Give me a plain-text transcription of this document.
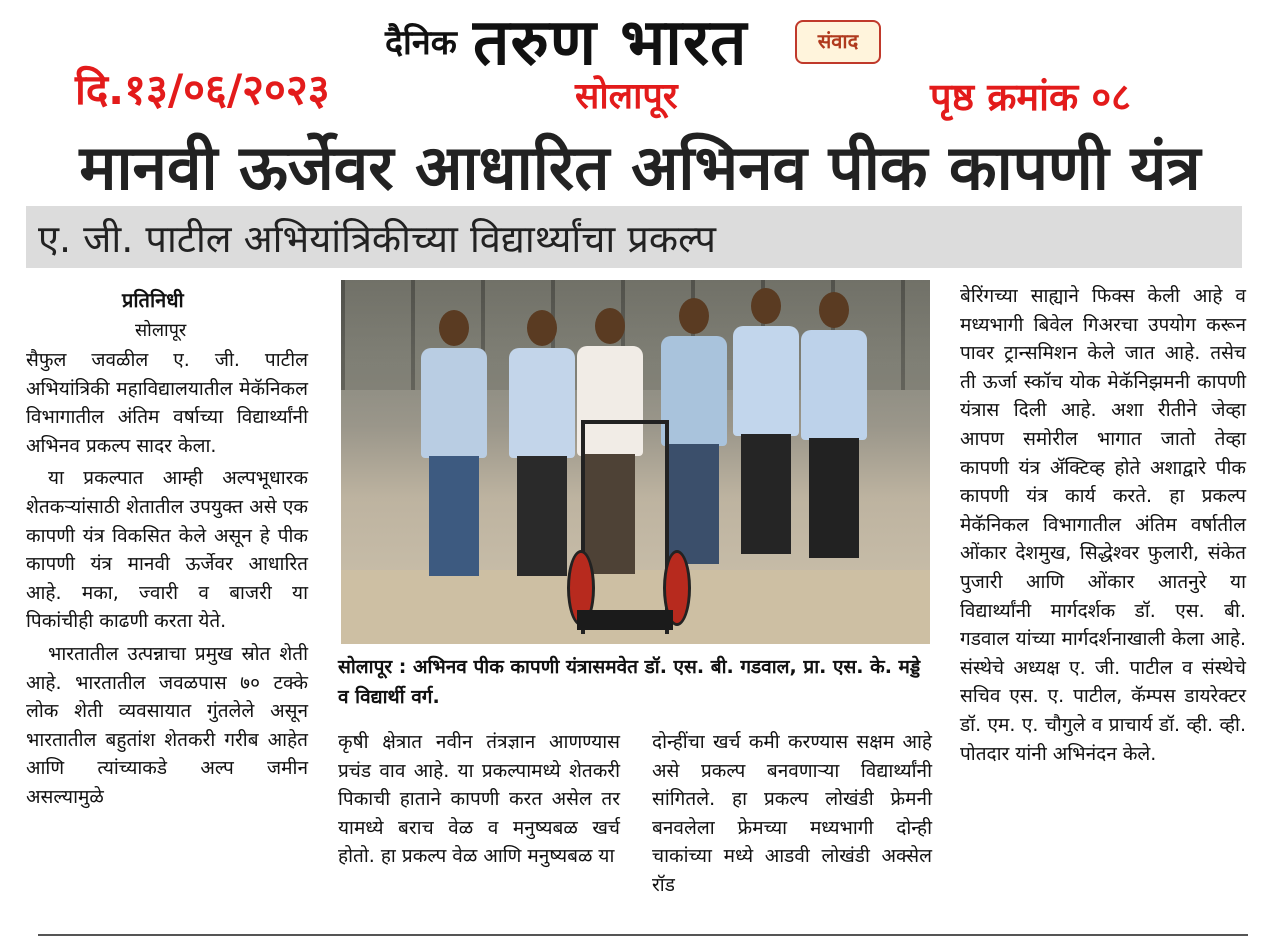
दैनिक तरुण भारत	संवाद
दि.१३/०६/२०२३	सोलापूर	पृष्ठ क्रमांक ०८
मानवी ऊर्जेवर आधारित अभिनव पीक कापणी यंत्र
ए. जी. पाटील अभियांत्रिकीच्या विद्यार्थ्यांचा प्रकल्प
प्रतिनिधी
सोलापूर

सैफुल जवळील ए. जी. पाटील अभियांत्रिकी महाविद्यालयातील मेकॅनिकल विभागातील अंतिम वर्षाच्या विद्यार्थ्यांनी अभिनव प्रकल्प सादर केला.

या प्रकल्पात आम्ही अल्पभूधारक शेतकऱ्यांसाठी शेतातील उपयुक्त असे एक कापणी यंत्र विकसित केले असून हे पीक कापणी यंत्र मानवी ऊर्जेवर आधारित आहे. मका, ज्वारी व बाजरी या पिकांचीही काढणी करता येते.

भारतातील उत्पन्नाचा प्रमुख स्रोत शेती आहे. भारतातील जवळपास ७० टक्के लोक शेती व्यवसायात गुंतलेले असून भारतातील बहुतांश शेतकरी गरीब आहेत आणि त्यांच्याकडे अल्प जमीन असल्यामुळे

सोलापूर : अभिनव पीक कापणी यंत्रासमवेत डॉ. एस. बी. गडवाल, प्रा. एस. के. मड्डे व विद्यार्थी वर्ग.

कृषी क्षेत्रात नवीन तंत्रज्ञान आणण्यास प्रचंड वाव आहे. या प्रकल्पामध्ये शेतकरी पिकाची हाताने कापणी करत असेल तर यामध्ये बराच वेळ व मनुष्यबळ खर्च होतो. हा प्रकल्प वेळ आणि मनुष्यबळ या

दोन्हींचा खर्च कमी करण्यास सक्षम आहे असे प्रकल्प बनवणाऱ्या विद्यार्थ्यांनी सांगितले. हा प्रकल्प लोखंडी फ्रेमनी बनवलेला फ्रेमच्या मध्यभागी दोन्ही चाकांच्या मध्ये आडवी लोखंडी अक्सेल रॉड

बेरिंगच्या साह्याने फिक्स केली आहे व मध्यभागी बिवेल गिअरचा उपयोग करून पावर ट्रान्समिशन केले जात आहे. तसेच ती ऊर्जा स्कॉच योक मेकॅनिझमनी कापणी यंत्रास दिली आहे. अशा रीतीने जेव्हा आपण समोरील भागात जातो तेव्हा कापणी यंत्र ॲक्टिव्ह होते अशाद्वारे पीक कापणी यंत्र कार्य करते. हा प्रकल्प मेकॅनिकल विभागातील अंतिम वर्षातील ओंकार देशमुख, सिद्धेश्वर फुलारी, संकेत पुजारी आणि ओंकार आतनुरे या विद्यार्थ्यांनी मार्गदर्शक डॉ. एस. बी. गडवाल यांच्या मार्गदर्शनाखाली केला आहे. संस्थेचे अध्यक्ष ए. जी. पाटील व संस्थेचे सचिव एस. ए. पाटील, कॅम्पस डायरेक्टर डॉ. एम. ए. चौगुले व प्राचार्य डॉ. व्ही. व्ही. पोतदार यांनी अभिनंदन केले.
